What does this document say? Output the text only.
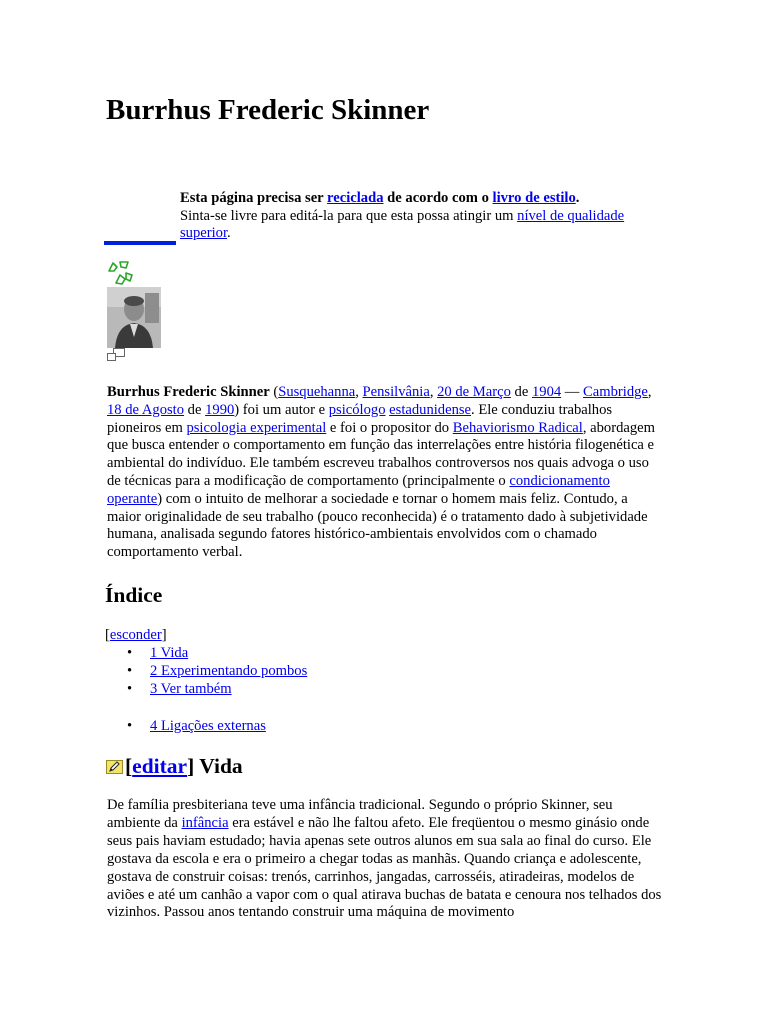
Burrhus Frederic Skinner
Esta página precisa ser reciclada de acordo com o livro de estilo.
Sinta-se livre para editá-la para que esta possa atingir um nível de qualidade superior.

Burrhus Frederic Skinner (Susquehanna, Pensilvânia, 20 de Março de 1904 — Cambridge, 18 de Agosto de 1990) foi um autor e psicólogo estadunidense. Ele conduziu trabalhos pioneiros em psicologia experimental e foi o propositor do Behaviorismo Radical, abordagem que busca entender o comportamento em função das interrelações entre história filogenética e ambiental do indivíduo. Ele também escreveu trabalhos controversos nos quais advoga o uso de técnicas para a modificação de comportamento (principalmente o condicionamento operante) com o intuito de melhorar a sociedade e tornar o homem mais feliz. Contudo, a maior originalidade de seu trabalho (pouco reconhecida) é o tratamento dado à subjetividade humana, analisada segundo fatores histórico-ambientais envolvidos com o chamado comportamento verbal.

Índice
[esconder]
• 1 Vida
• 2 Experimentando pombos
• 3 Ver também
• 4 Ligações externas
[editar] Vida

De família presbiteriana teve uma infância tradicional. Segundo o próprio Skinner, seu ambiente da infância era estável e não lhe faltou afeto. Ele freqüentou o mesmo ginásio onde seus pais haviam estudado; havia apenas sete outros alunos em sua sala ao final do curso. Ele gostava da escola e era o primeiro a chegar todas as manhãs. Quando criança e adolescente, gostava de construir coisas: trenós, carrinhos, jangadas, carrosséis, atiradeiras, modelos de aviões e até um canhão a vapor com o qual atirava buchas de batata e cenoura nos telhados dos vizinhos. Passou anos tentando construir uma máquina de movimento
